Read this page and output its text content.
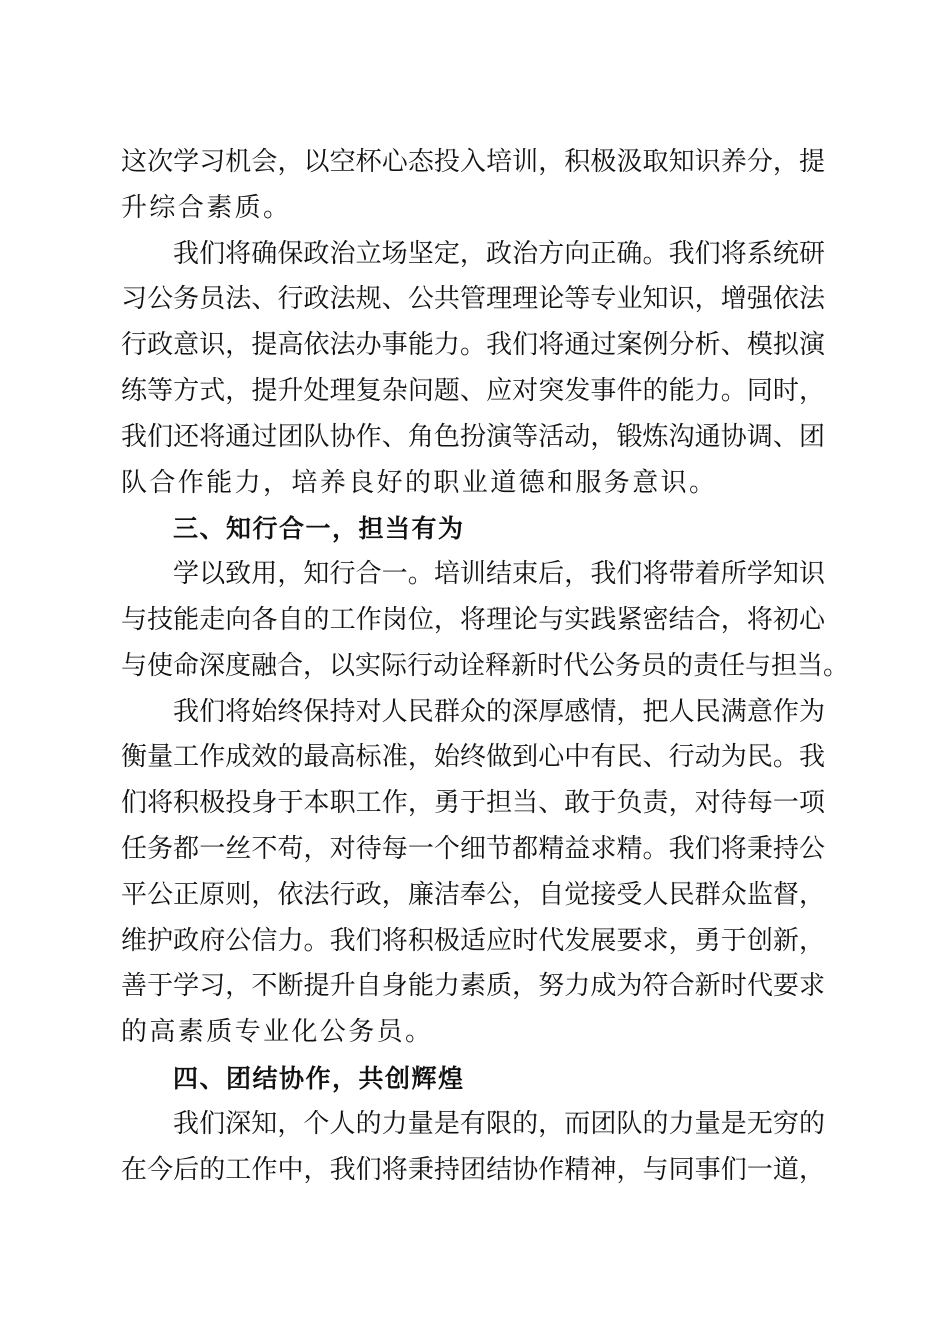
这次学习机会，以空杯心态投入培训，积极汲取知识养分，提
升综合素质。
我们将确保政治立场坚定，政治方向正确。我们将系统研
习公务员法、行政法规、公共管理理论等专业知识，增强依法
行政意识，提高依法办事能力。我们将通过案例分析、模拟演
练等方式，提升处理复杂问题、应对突发事件的能力。同时，
我们还将通过团队协作、角色扮演等活动，锻炼沟通协调、团
队合作能力，培养良好的职业道德和服务意识。
三、知行合一，担当有为
学以致用，知行合一。培训结束后，我们将带着所学知识
与技能走向各自的工作岗位，将理论与实践紧密结合，将初心
与使命深度融合，以实际行动诠释新时代公务员的责任与担当。
我们将始终保持对人民群众的深厚感情，把人民满意作为
衡量工作成效的最高标准，始终做到心中有民、行动为民。我
们将积极投身于本职工作，勇于担当、敢于负责，对待每一项
任务都一丝不苟，对待每一个细节都精益求精。我们将秉持公
平公正原则，依法行政，廉洁奉公，自觉接受人民群众监督，
维护政府公信力。我们将积极适应时代发展要求，勇于创新，
善于学习，不断提升自身能力素质，努力成为符合新时代要求
的高素质专业化公务员。
四、团结协作，共创辉煌
我们深知，个人的力量是有限的，而团队的力量是无穷的
在今后的工作中，我们将秉持团结协作精神，与同事们一道，
